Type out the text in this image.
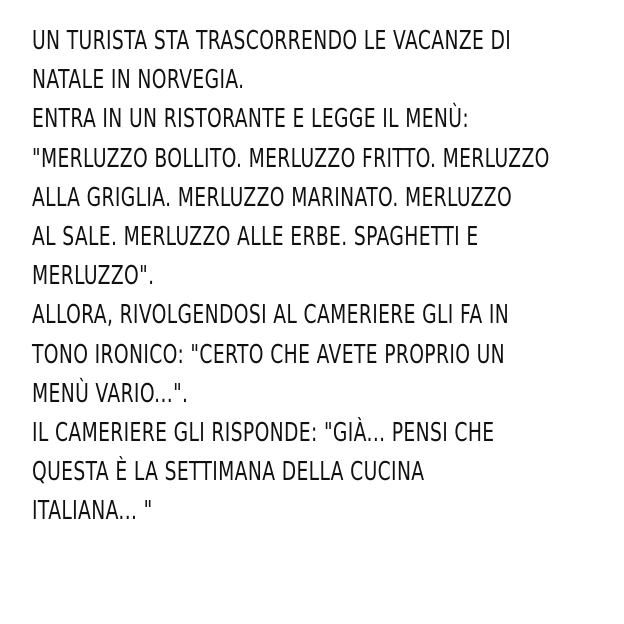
UN TURISTA STA TRASCORRENDO LE VACANZE DI
NATALE IN NORVEGIA.
ENTRA IN UN RISTORANTE E LEGGE IL MENÙ:
"MERLUZZO BOLLITO. MERLUZZO FRITTO. MERLUZZO
ALLA GRIGLIA. MERLUZZO MARINATO. MERLUZZO
AL SALE. MERLUZZO ALLE ERBE. SPAGHETTI E
MERLUZZO".
ALLORA, RIVOLGENDOSI AL CAMERIERE GLI FA IN
TONO IRONICO: "CERTO CHE AVETE PROPRIO UN
MENÙ VARIO...".
IL CAMERIERE GLI RISPONDE: "GIÀ... PENSI CHE
QUESTA È LA SETTIMANA DELLA CUCINA
ITALIANA... "
